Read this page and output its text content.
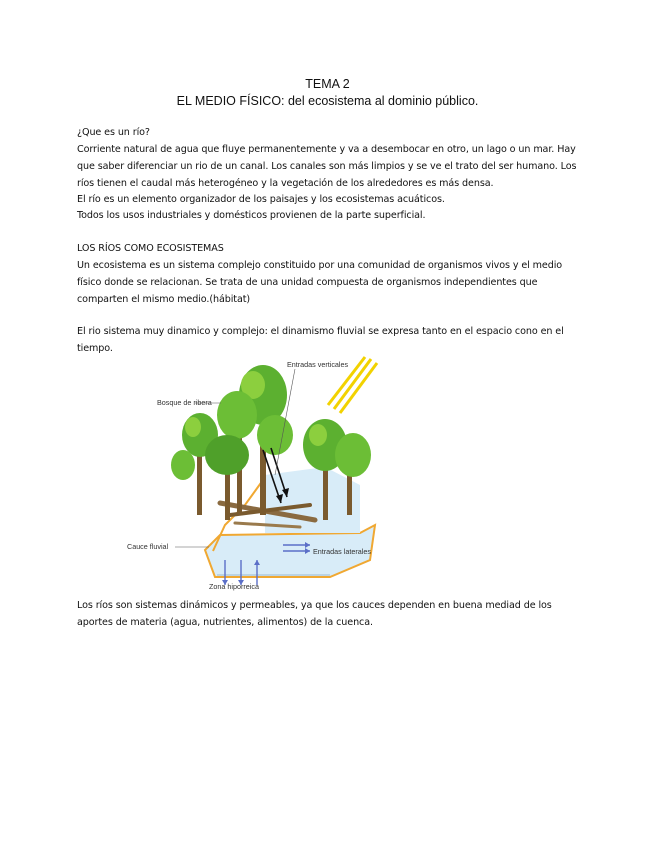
TEMA 2
EL MEDIO FÍSICO: del ecosistema al dominio público.
¿Que es un río?
Corriente natural de agua que fluye permanentemente y va a desembocar en otro, un lago o un mar. Hay
que saber diferenciar un rio de un canal. Los canales son más limpios y se ve el trato del ser humano. Los
ríos tienen el caudal más heterogéneo y la vegetación de los alrededores es más densa.
El río es un elemento organizador de los paisajes y los ecosistemas acuáticos.
Todos los usos industriales y domésticos provienen de la parte superficial.
LOS RÍOS COMO ECOSISTEMAS
Un ecosistema es un sistema complejo constituido por una comunidad de organismos vivos y el medio
físico donde se relacionan. Se trata de una unidad compuesta de organismos independientes que
comparten el mismo medio.(hábitat)
El rio sistema muy dinamico y complejo: el dinamismo fluvial se expresa tanto en el espacio cono en el
tiempo.
Entradas verticales
Bosque de ribera
Cauce fluvial
Entradas laterales
Zona hiporreica
Los ríos son sistemas dinámicos y permeables, ya que los cauces dependen en buena mediad de los
aportes de materia (agua, nutrientes, alimentos) de la cuenca.
